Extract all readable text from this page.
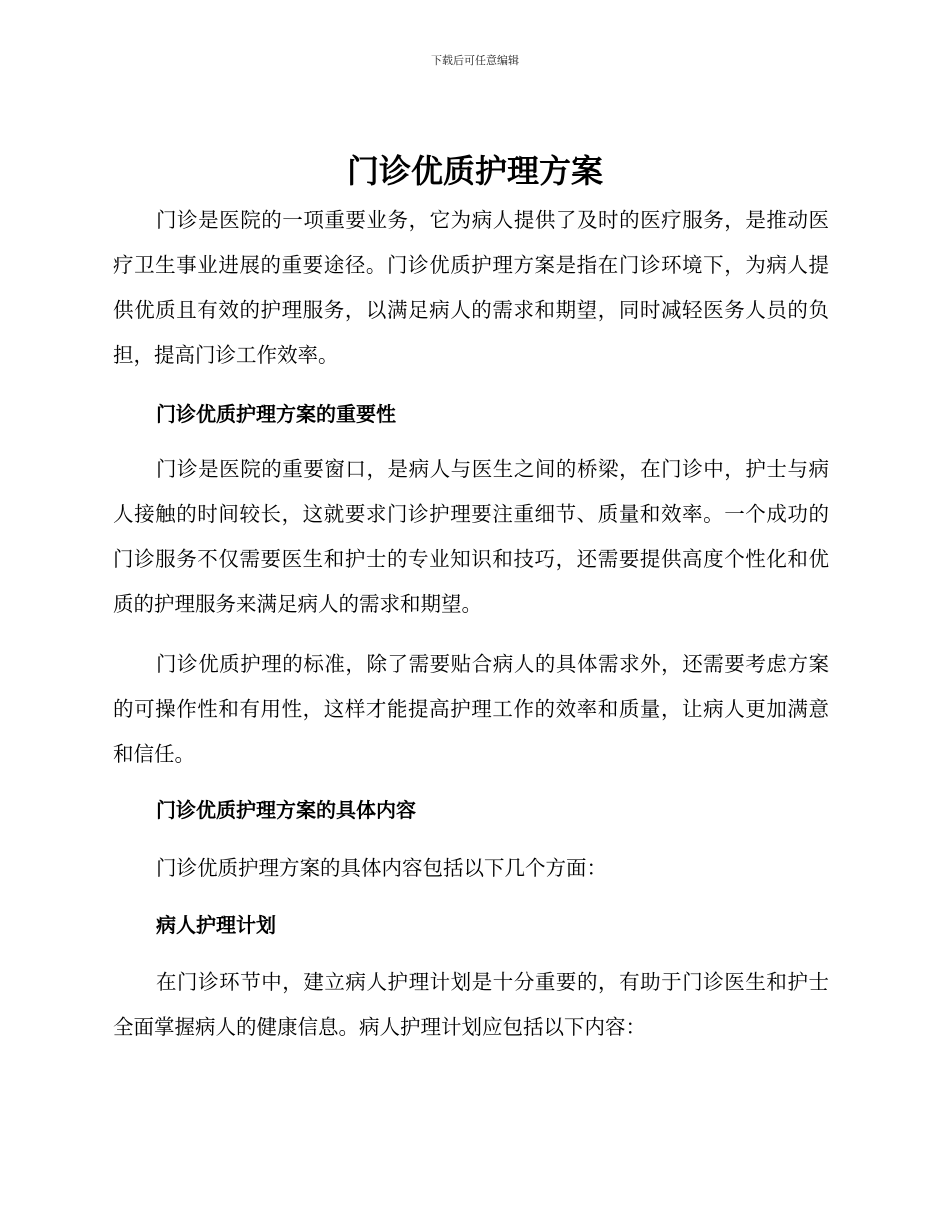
下载后可任意编辑
门诊优质护理方案

门诊是医院的一项重要业务，它为病人提供了及时的医疗服务，是推动医疗卫生事业进展的重要途径。门诊优质护理方案是指在门诊环境下，为病人提供优质且有效的护理服务，以满足病人的需求和期望，同时减轻医务人员的负担，提高门诊工作效率。

门诊优质护理方案的重要性

门诊是医院的重要窗口，是病人与医生之间的桥梁，在门诊中，护士与病人接触的时间较长，这就要求门诊护理要注重细节、质量和效率。一个成功的门诊服务不仅需要医生和护士的专业知识和技巧，还需要提供高度个性化和优质的护理服务来满足病人的需求和期望。

门诊优质护理的标准，除了需要贴合病人的具体需求外，还需要考虑方案的可操作性和有用性，这样才能提高护理工作的效率和质量，让病人更加满意和信任。

门诊优质护理方案的具体内容

门诊优质护理方案的具体内容包括以下几个方面：

病人护理计划

在门诊环节中，建立病人护理计划是十分重要的，有助于门诊医生和护士全面掌握病人的健康信息。病人护理计划应包括以下内容：
